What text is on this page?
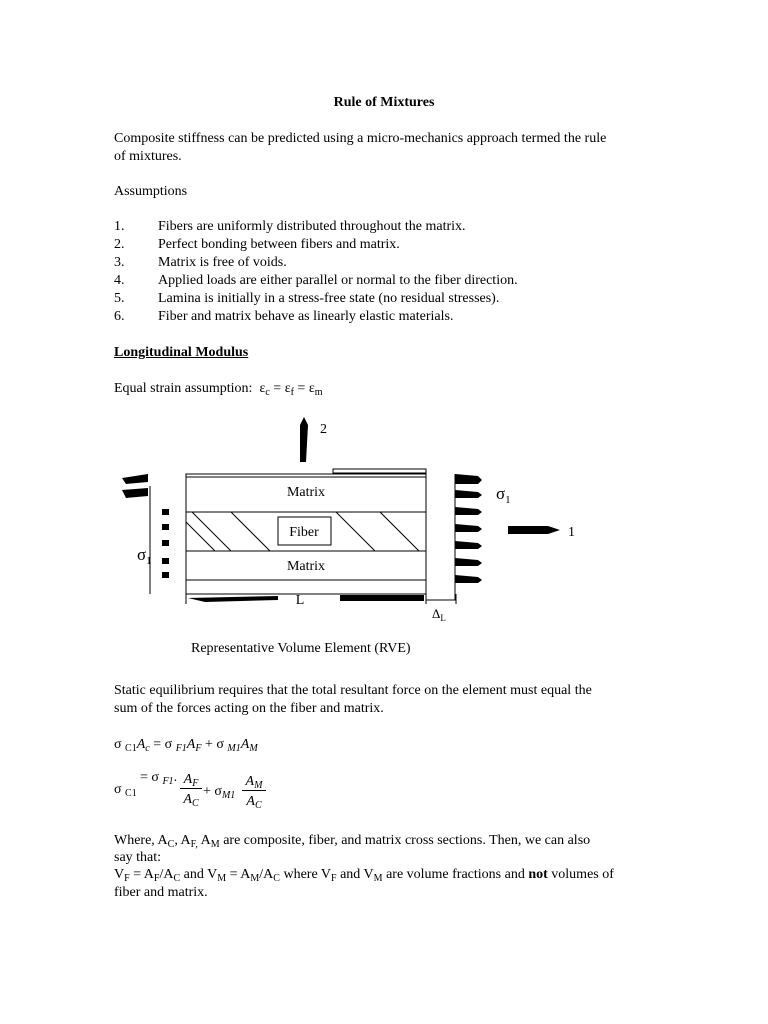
Rule of Mixtures
Composite stiffness can be predicted using a micro-mechanics approach termed the rule
of mixtures.
Assumptions
1. Fibers are uniformly distributed throughout the matrix.
2. Perfect bonding between fibers and matrix.
3. Matrix is free of voids.
4. Applied loads are either parallel or normal to the fiber direction.
5. Lamina is initially in a stress-free state (no residual stresses).
6. Fiber and matrix behave as linearly elastic materials.
Longitudinal Modulus
Equal strain assumption: $\varepsilon_c = \varepsilon_f = \varepsilon_m$
2
Fiber
Matrix
Matrix
$\sigma_1$
$\sigma_1$
1
L
$\Delta_L$
Representative Volume Element (RVE)
Static equilibrium requires that the total resultant force on the element must equal the
sum of the forces acting on the fiber and matrix.
σ $_{C1}A_c = \sigma$ $_{F1}A_F + \sigma$ $_{M1}A_M$
σ $_{C1}$
= σ $_{F1}$. $A_F$
$A_C$
+ $\sigma_{M1}$
$A_M$
$A_C$
Where, $A_C$, $A_{F,}$ $A_M$ are composite, fiber, and matrix cross sections. Then, we can also
say that:
$V_F = A_F/A_C$ and $V_M = A_M/A_C$ where $V_F$ and $V_M$ are volume fractions and not volumes of
fiber and matrix.
